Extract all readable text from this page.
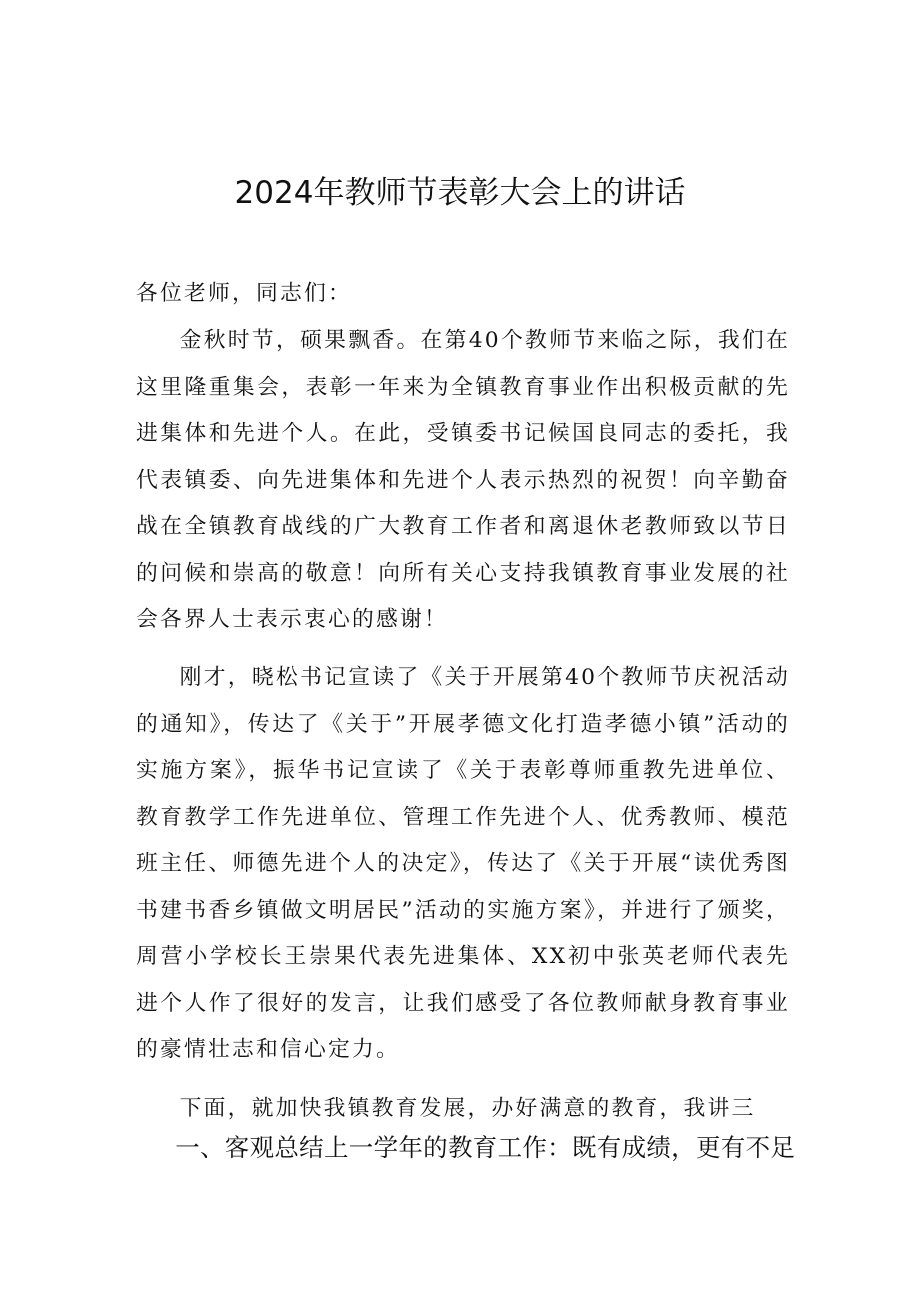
2024年教师节表彰大会上的讲话

各位老师，同志们：

金秋时节，硕果飘香。在第40个教师节来临之际，我们在这里隆重集会，表彰一年来为全镇教育事业作出积极贡献的先进集体和先进个人。在此，受镇委书记候国良同志的委托，我代表镇委、向先进集体和先进个人表示热烈的祝贺！向辛勤奋战在全镇教育战线的广大教育工作者和离退休老教师致以节日的问候和崇高的敬意！向所有关心支持我镇教育事业发展的社会各界人士表示衷心的感谢！

刚才，晓松书记宣读了《关于开展第40个教师节庆祝活动的通知》，传达了《关于”开展孝德文化打造孝德小镇”活动的实施方案》，振华书记宣读了《关于表彰尊师重教先进单位、教育教学工作先进单位、管理工作先进个人、优秀教师、模范班主任、师德先进个人的决定》，传达了《关于开展“读优秀图书建书香乡镇做文明居民”活动的实施方案》，并进行了颁奖，周营小学校长王崇果代表先进集体、XX初中张英老师代表先进个人作了很好的发言，让我们感受了各位教师献身教育事业的豪情壮志和信心定力。

下面，就加快我镇教育发展，办好满意的教育，我讲三

一、客观总结上一学年的教育工作：既有成绩，更有不足
